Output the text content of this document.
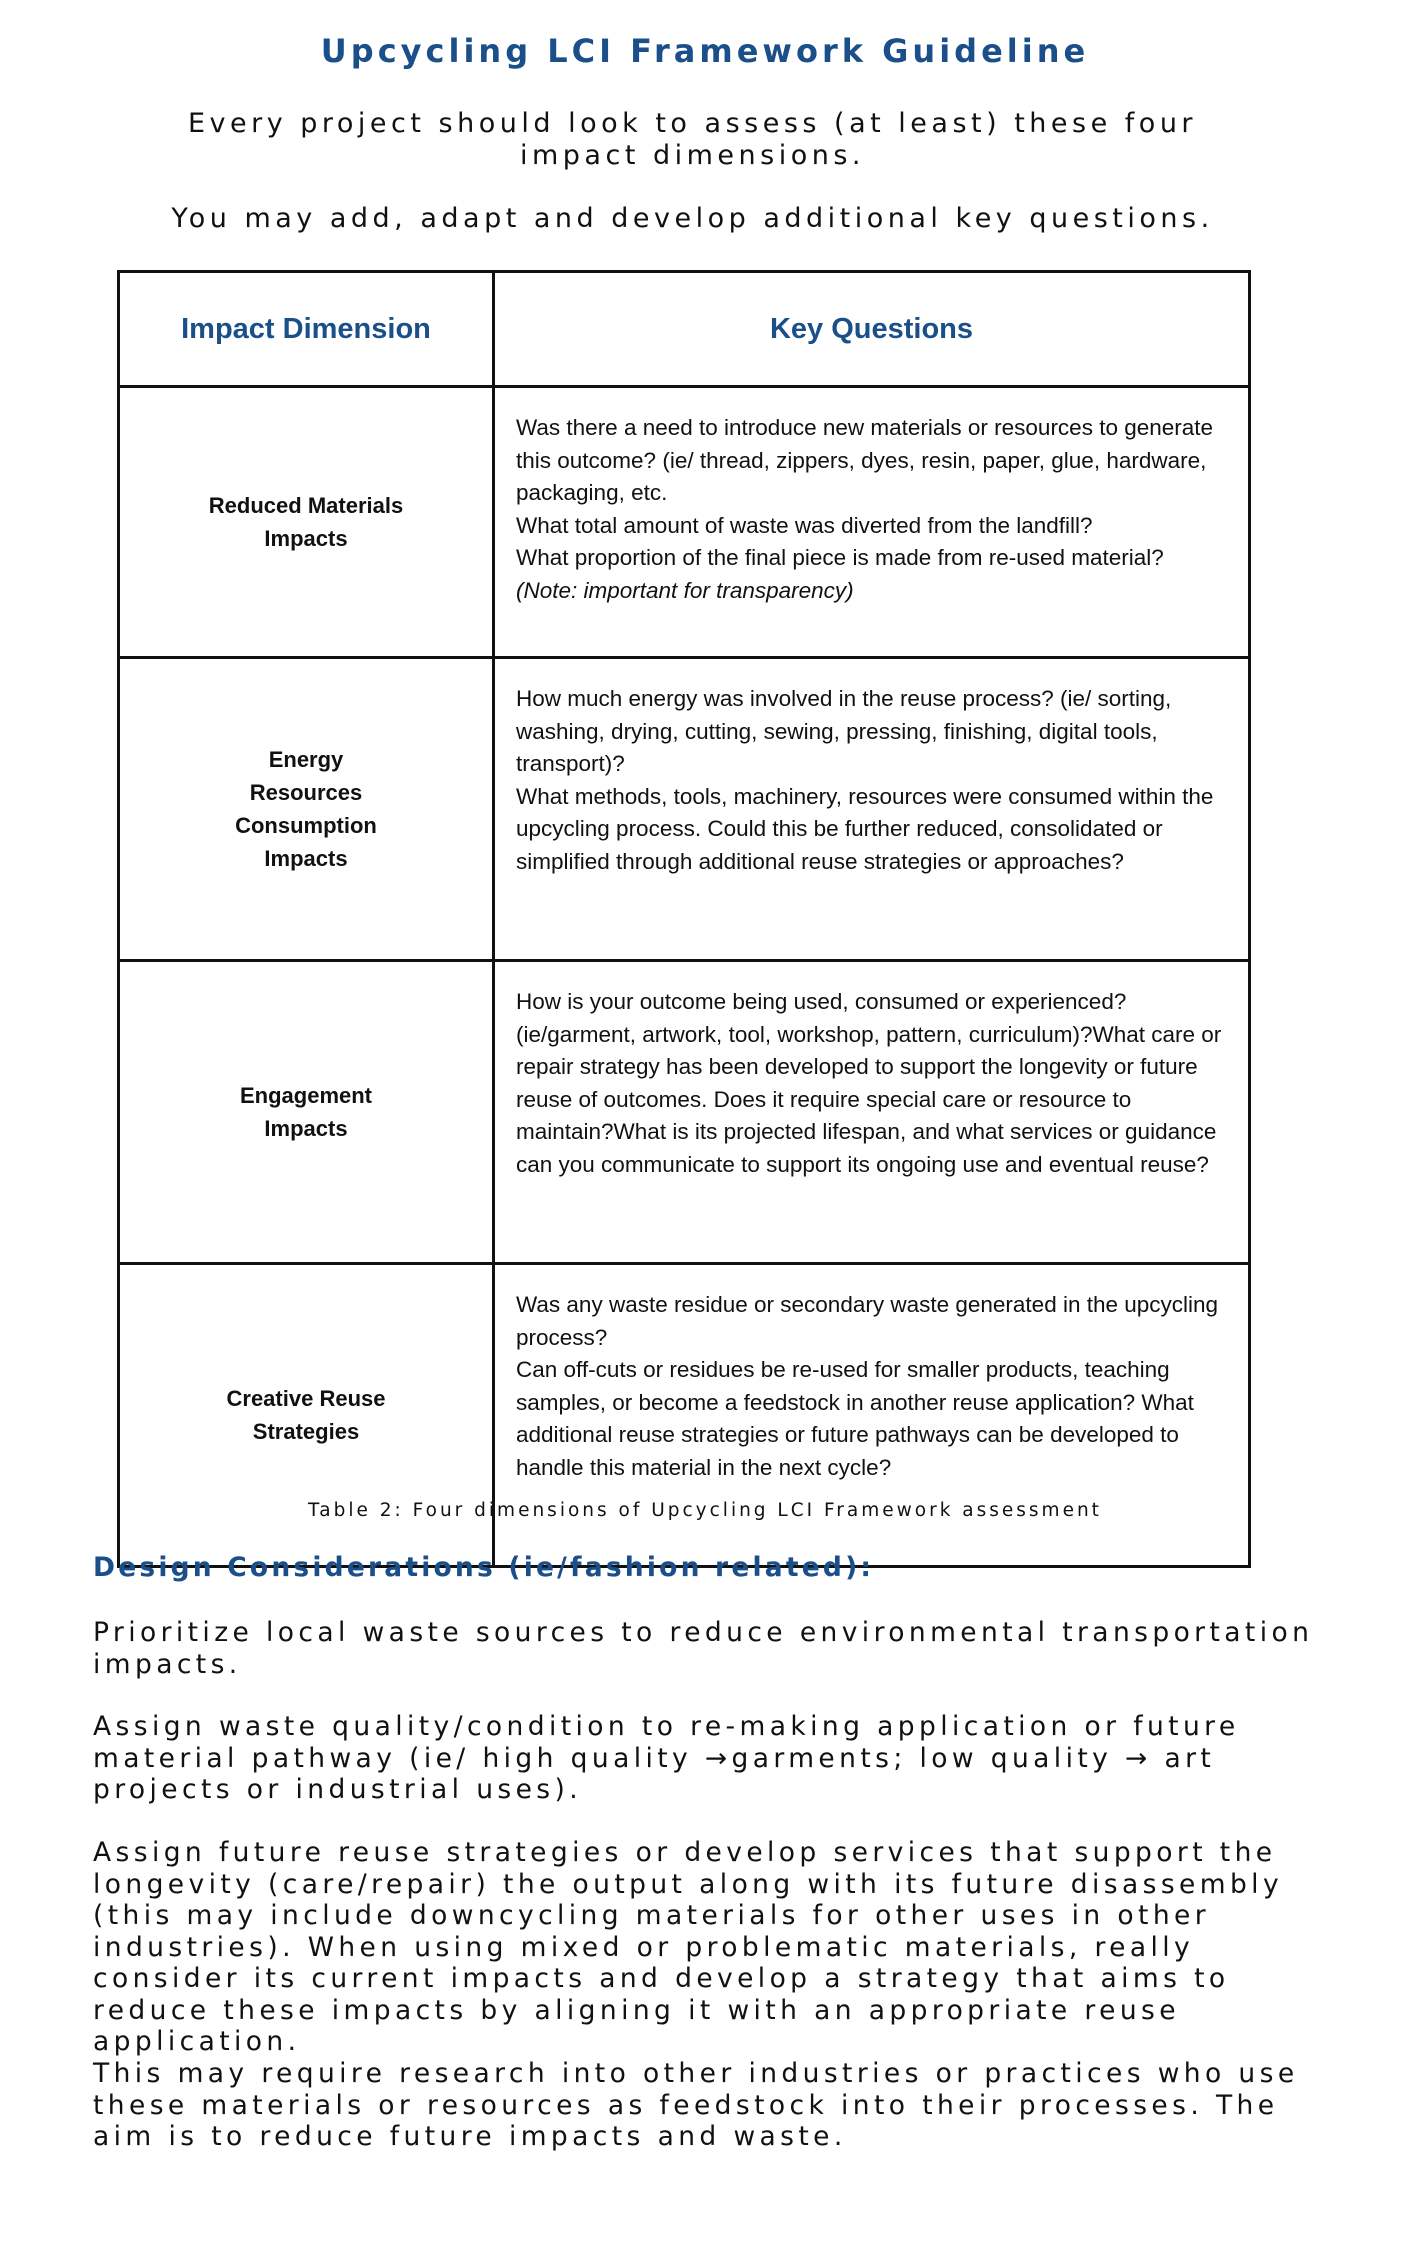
Upcycling LCI Framework Guideline

Every project should look to assess (at least) these four impact dimensions.

You may add, adapt and develop additional key questions.

Impact Dimension	Key Questions

Reduced Materials Impacts	Was there a need to introduce new materials or resources to generate this outcome? (ie/ thread, zippers, dyes, resin, paper, glue, hardware, packaging, etc.

What total amount of waste was diverted from the landfill?

What proportion of the final piece is made from re-used material? (Note: important for transparency)

Energy Resources Consumption Impacts	How much energy was involved in the reuse process? (ie/ sorting, washing, drying, cutting, sewing, pressing, finishing, digital tools, transport)?

What methods, tools, machinery, resources were consumed within the upcycling process. Could this be further reduced, consolidated or simplified through additional reuse strategies or approaches?

Engagement Impacts	How is your outcome being used, consumed or experienced? (ie/garment, artwork, tool, workshop, pattern, curriculum)?What care or repair strategy has been developed to support the longevity or future reuse of outcomes. Does it require special care or resource to maintain?What is its projected lifespan, and what services or guidance can you communicate to support its ongoing use and eventual reuse?

Creative Reuse Strategies	Was any waste residue or secondary waste generated in the upcycling process?

Can off-cuts or residues be re-used for smaller products, teaching samples, or become a feedstock in another reuse application? What additional reuse strategies or future pathways can be developed to handle this material in the next cycle?

Table 2: Four dimensions of Upcycling LCI Framework assessment

Design Considerations (ie/fashion related):

Prioritize local waste sources to reduce environmental transportation impacts.

Assign waste quality/condition to re-making application or future material pathway (ie/ high quality →garments; low quality → art projects or industrial uses).

Assign future reuse strategies or develop services that support the longevity (care/repair) the output along with its future disassembly (this may include downcycling materials for other uses in other industries). When using mixed or problematic materials, really consider its current impacts and develop a strategy that aims to reduce these impacts by aligning it with an appropriate reuse application.

This may require research into other industries or practices who use these materials or resources as feedstock into their processes. The aim is to reduce future impacts and waste.
